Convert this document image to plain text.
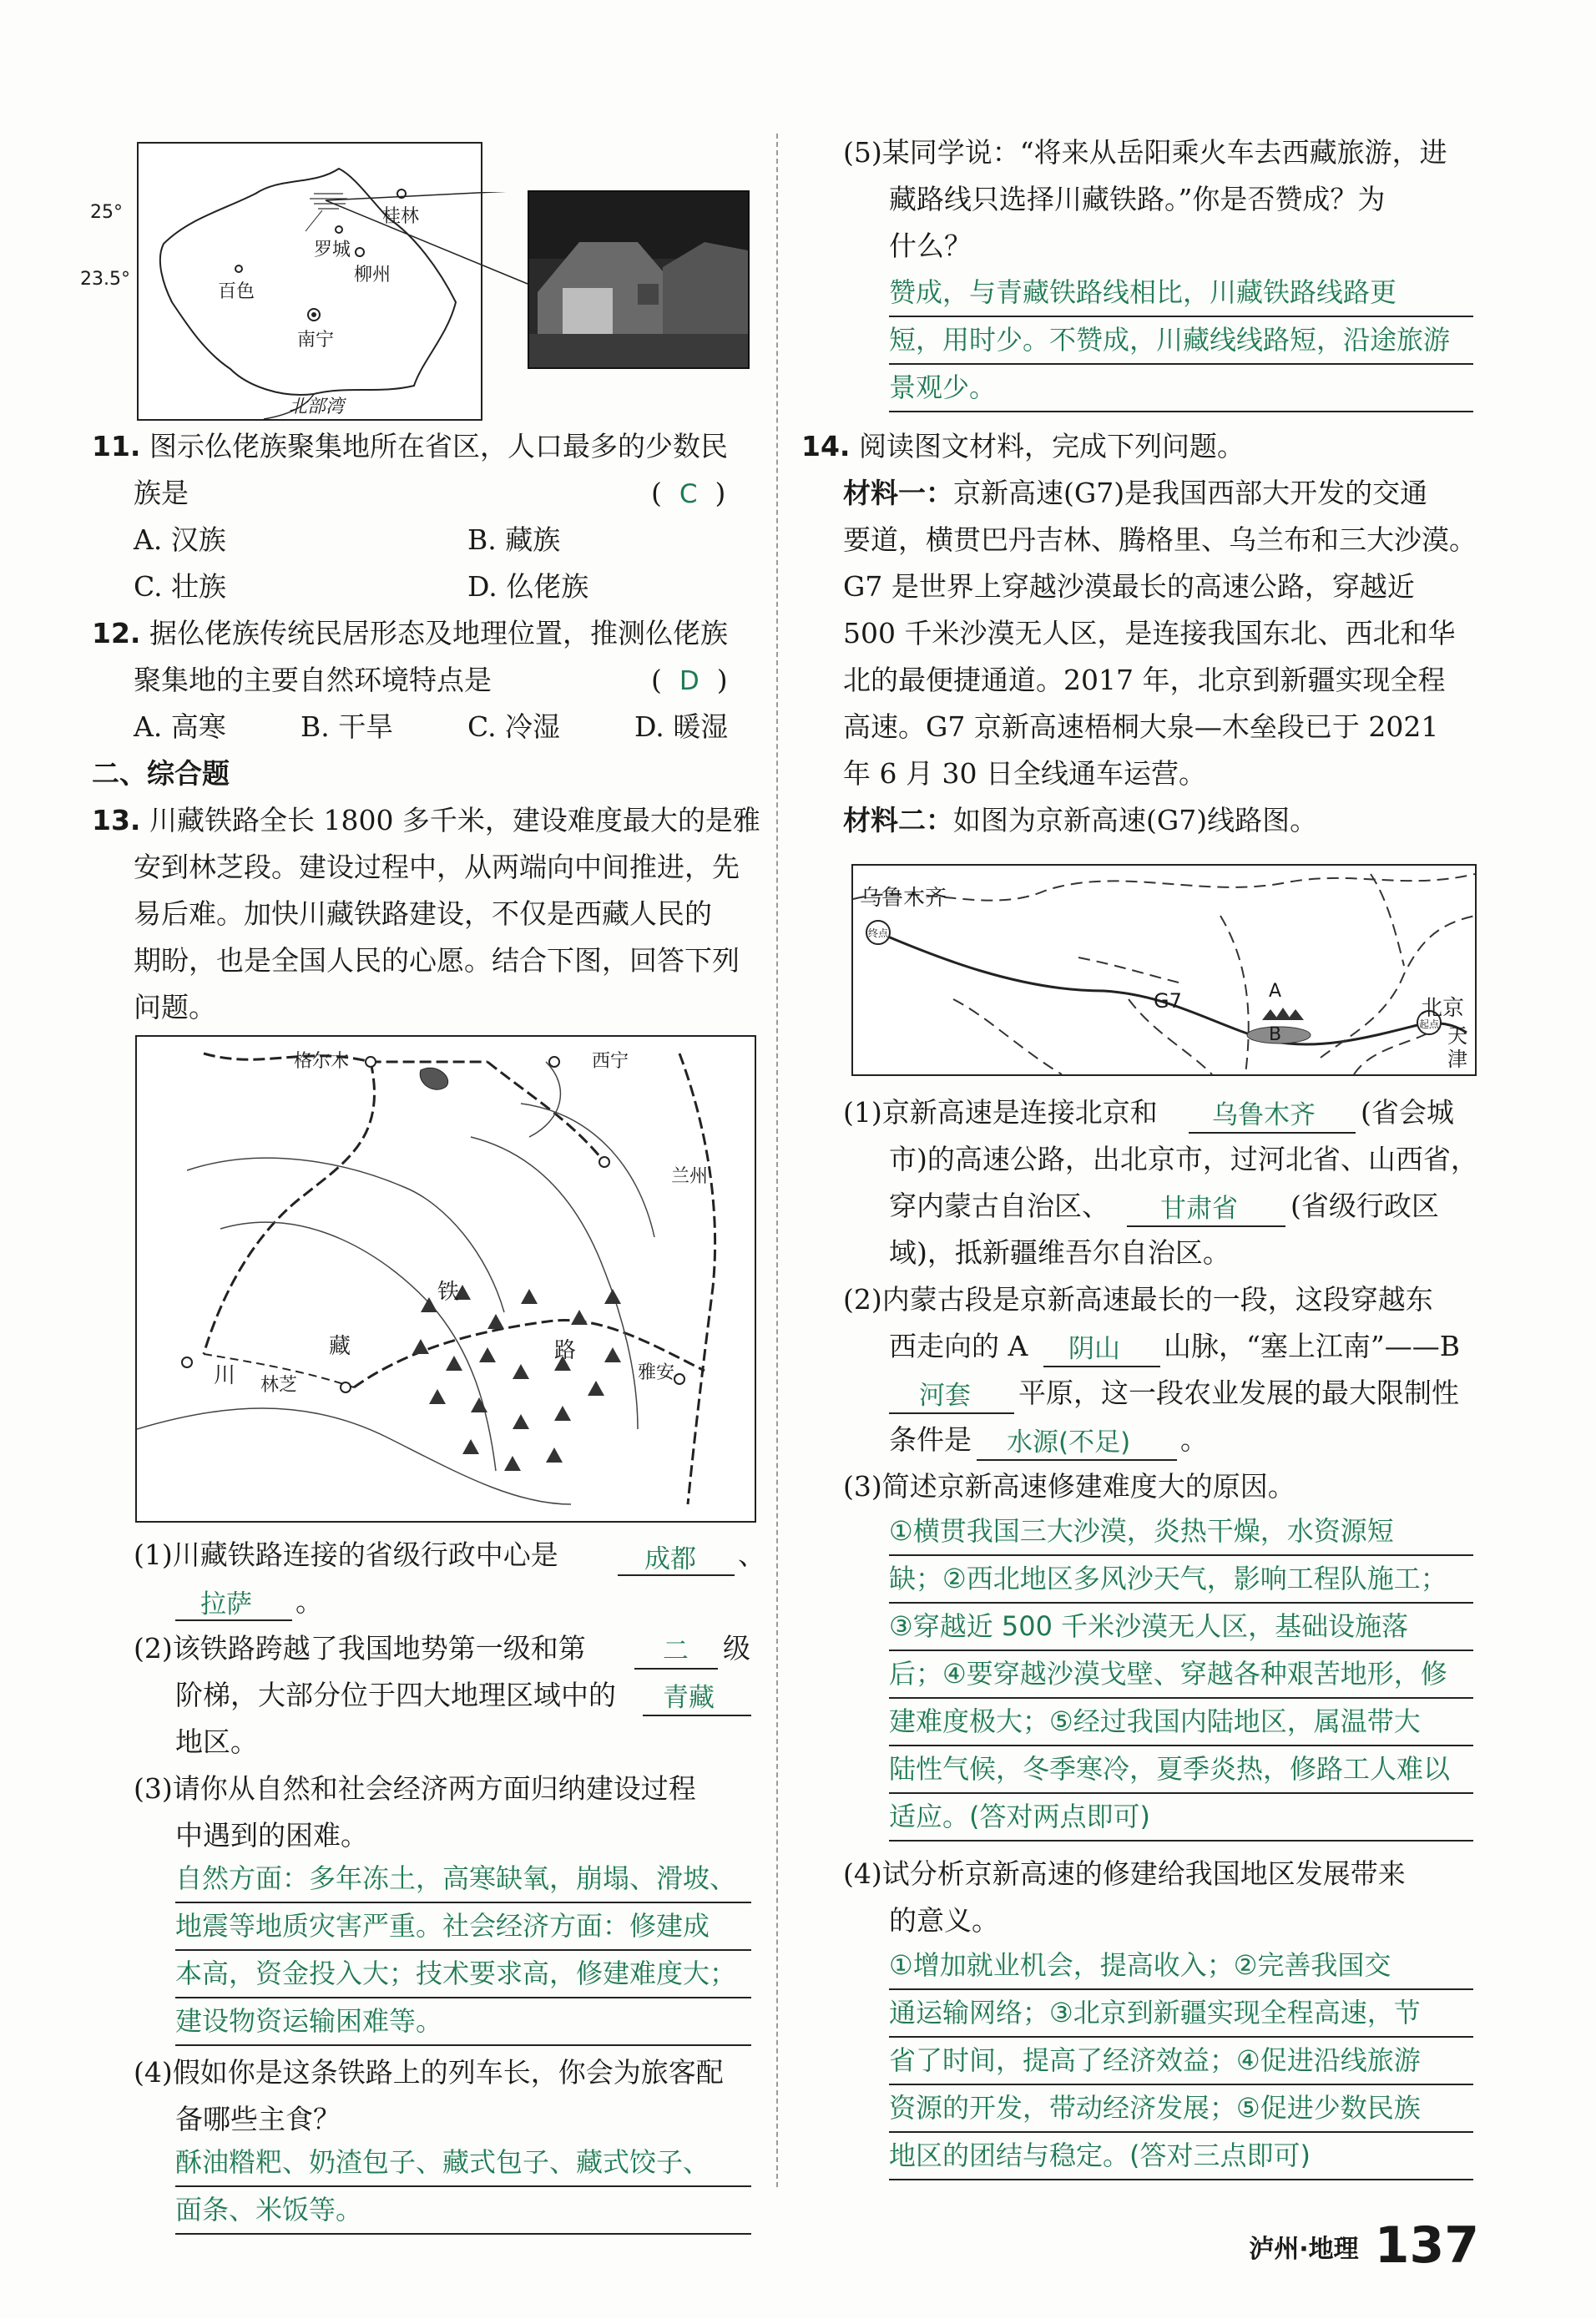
25°
23.5°
桂林
罗城
柳州
百色
南宁
北部湾
11. 图示仫佬族聚集地所在省区，人口最多的少数民
族是	(  C  )
A. 汉族	B. 藏族
C. 壮族	D. 仫佬族
12. 据仫佬族传统民居形态及地理位置，推测仫佬族
聚集地的主要自然环境特点是	(  D  )
A. 高寒	B. 干旱	C. 冷湿	D. 暖湿
二、综合题
13. 川藏铁路全长 1800 多千米，建设难度最大的是雅
安到林芝段。建设过程中，从两端向中间推进，先
易后难。加快川藏铁路建设，不仅是西藏人民的
期盼，也是全国人民的心愿。结合下图，回答下列
问题。
格尔木	西宁
兰州
铁
路
藏
川 林芝
雅安
(1)川藏铁路连接的省级行政中心是	成都 、
拉萨 。
(2)该铁路跨越了我国地势第一级和第	二 级
阶梯，大部分位于四大地理区域中的 青藏
地区。
(3)请你从自然和社会经济两方面归纳建设过程
中遇到的困难。
自然方面：多年冻土，高寒缺氧，崩塌、滑坡、
地震等地质灾害严重。社会经济方面：修建成
本高，资金投入大；技术要求高，修建难度大；
建设物资运输困难等。
(4)假如你是这条铁路上的列车长，你会为旅客配
备哪些主食？
酥油糌粑、奶渣包子、藏式包子、藏式饺子、
面条、米饭等。
(5)某同学说：“将来从岳阳乘火车去西藏旅游，进
藏路线只选择川藏铁路。”你是否赞成？为
什么？
赞成，与青藏铁路线相比，川藏铁路线路更
短，用时少。不赞成，川藏线线路短，沿途旅游
景观少。
14. 阅读图文材料，完成下列问题。
材料一：京新高速(G7)是我国西部大开发的交通
要道，横贯巴丹吉林、腾格里、乌兰布和三大沙漠。
G7 是世界上穿越沙漠最长的高速公路，穿越近
500 千米沙漠无人区，是连接我国东北、西北和华
北的最便捷通道。2017 年，北京到新疆实现全程
高速。G7 京新高速梧桐大泉—木垒段已于 2021
年 6 月 30 日全线通车运营。
材料二：如图为京新高速(G7)线路图。
乌鲁木齐
终点
G7	A
B
北京
起点 天
津
(1)京新高速是连接北京和 乌鲁木齐 (省会城
市)的高速公路，出北京市，过河北省、山西省，
穿内蒙古自治区、 甘肃省 (省级行政区
域)，抵新疆维吾尔自治区。
(2)内蒙古段是京新高速最长的一段，这段穿越东
西走向的 A 阴山 山脉，“塞上江南”——B
河套 平原，这一段农业发展的最大限制性
条件是 水源(不足) 。
(3)简述京新高速修建难度大的原因。
①横贯我国三大沙漠，炎热干燥，水资源短
缺；②西北地区多风沙天气，影响工程队施工；
③穿越近 500 千米沙漠无人区，基础设施落
后；④要穿越沙漠戈壁、穿越各种艰苦地形，修
建难度极大；⑤经过我国内陆地区，属温带大
陆性气候，冬季寒冷，夏季炎热，修路工人难以
适应。(答对两点即可)
(4)试分析京新高速的修建给我国地区发展带来
的意义。
①增加就业机会，提高收入；②完善我国交
通运输网络；③北京到新疆实现全程高速，节
省了时间，提高了经济效益；④促进沿线旅游
资源的开发，带动经济发展；⑤促进少数民族
地区的团结与稳定。(答对三点即可)
泸州·地理 137
